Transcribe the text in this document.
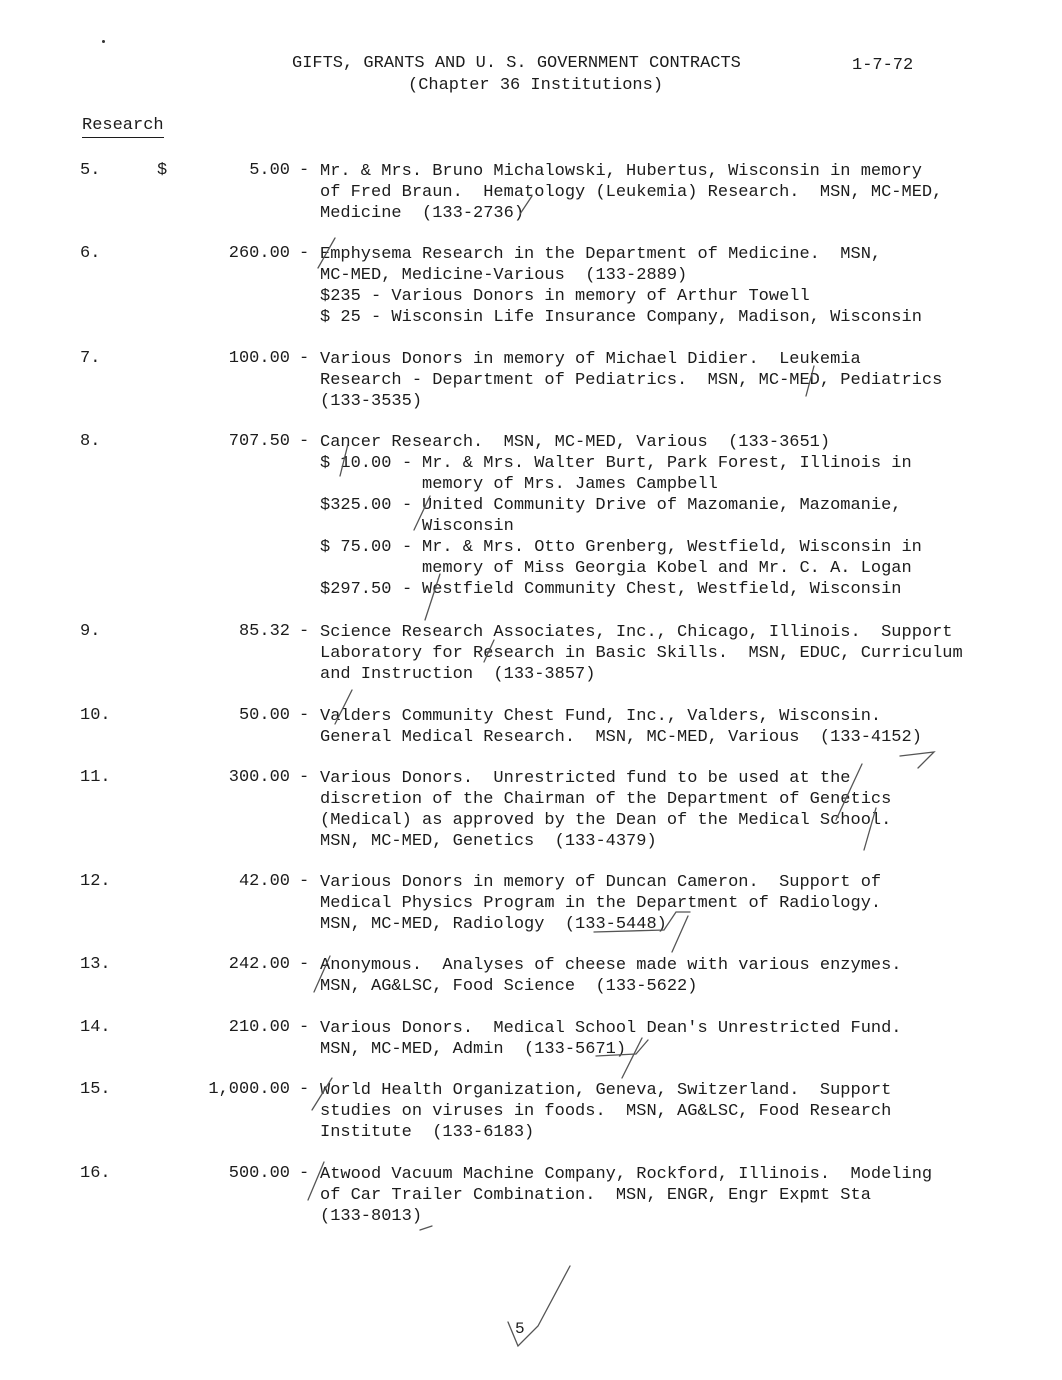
GIFTS, GRANTS AND U. S. GOVERNMENT CONTRACTS
(Chapter 36 Institutions)
1-7-72
Research
5.	$	5.00 - Mr. & Mrs. Bruno Michalowski, Hubertus, Wisconsin in memory
of Fred Braun.  Hematology (Leukemia) Research.  MSN, MC-MED,
Medicine  (133-2736)
6.	260.00 - Emphysema Research in the Department of Medicine.  MSN,
MC-MED, Medicine-Various  (133-2889)
$235 - Various Donors in memory of Arthur Towell
$ 25 - Wisconsin Life Insurance Company, Madison, Wisconsin
7.	100.00 - Various Donors in memory of Michael Didier.  Leukemia
Research - Department of Pediatrics.  MSN, MC-MED, Pediatrics
(133-3535)
8.	707.50 - Cancer Research.  MSN, MC-MED, Various  (133-3651)
$ 10.00 - Mr. & Mrs. Walter Burt, Park Forest, Illinois in
memory of Mrs. James Campbell
$325.00 - United Community Drive of Mazomanie, Mazomanie,
Wisconsin
$ 75.00 - Mr. & Mrs. Otto Grenberg, Westfield, Wisconsin in
memory of Miss Georgia Kobel and Mr. C. A. Logan
$297.50 - Westfield Community Chest, Westfield, Wisconsin
9.	85.32 - Science Research Associates, Inc., Chicago, Illinois.  Support
Laboratory for Research in Basic Skills.  MSN, EDUC, Curriculum
and Instruction  (133-3857)
10.	50.00 - Valders Community Chest Fund, Inc., Valders, Wisconsin.
General Medical Research.  MSN, MC-MED, Various  (133-4152)
11.	300.00 - Various Donors.  Unrestricted fund to be used at the
discretion of the Chairman of the Department of Genetics
(Medical) as approved by the Dean of the Medical School.
MSN, MC-MED, Genetics  (133-4379)
12.	42.00 - Various Donors in memory of Duncan Cameron.  Support of
Medical Physics Program in the Department of Radiology.
MSN, MC-MED, Radiology  (133-5448)
13.	242.00 - Anonymous.  Analyses of cheese made with various enzymes.
MSN, AG&LSC, Food Science  (133-5622)
14.	210.00 - Various Donors.  Medical School Dean's Unrestricted Fund.
MSN, MC-MED, Admin  (133-5671)
15.	1,000.00 - World Health Organization, Geneva, Switzerland.  Support
studies on viruses in foods.  MSN, AG&LSC, Food Research
Institute  (133-6183)
16.	500.00 - Atwood Vacuum Machine Company, Rockford, Illinois.  Modeling
of Car Trailer Combination.  MSN, ENGR, Engr Expmt Sta
(133-8013)
5
